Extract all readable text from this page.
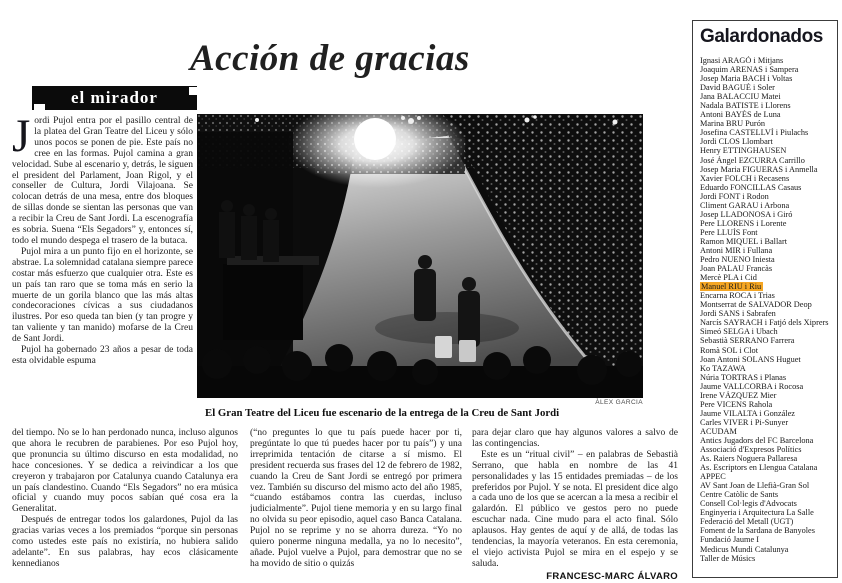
Acción de gracias
el mirador

Jordi Pujol entra por el pasillo central de la platea del Gran Teatre del Liceu y sólo unos pocos se ponen de pie. Este país no cree en las formas. Pujol camina a gran velocidad. Sube al escenario y, detrás, le siguen el president del Parlament, Joan Rigol, y el conseller de Cultura, Jordi Vilajoana. Se colocan detrás de una mesa, entre dos bloques de sillas donde se sientan las personas que van a recibir la Creu de Sant Jordi. La escenografía es sobria. Suena “Els Segadors” y, entonces sí, todo el mundo despega el trasero de la butaca.

Pujol mira a un punto fijo en el horizonte, se abstrae. La solemnidad catalana siempre parece costar más esfuerzo que cualquier otra. Este es un país tan raro que se toma más en serio la muerte de un gorila blanco que las más altas condecoraciones cívicas a sus ciudadanos ilustres. Por eso queda tan bien (y tan progre y tan valiente y tan manido) mofarse de la Creu de Sant Jordi.

Pujol ha gobernado 23 años a pesar de toda esta olvidable espuma

ÀLEX GARCIA
El Gran Teatre del Liceu fue escenario de la entrega de la Creu de Sant Jordi

del tiempo. No se lo han perdonado nunca, incluso algunos que ahora le recubren de parabienes. Por eso Pujol hoy, que pronuncia su último discurso en esta modalidad, no hace concesiones. Y se dedica a reivindicar a los que creyeron y trabajaron por Catalunya cuando Catalunya era un país clandestino. Cuando “Els Segadors” no era música oficial y cuando muy pocos sabían qué cosa era la Generalitat.

Después de entregar todos los galardones, Pujol da las gracias varias veces a los premiados “porque sin personas como ustedes este país no existiría, no hubiera salido adelante”. En sus palabras, hay ecos clásicamente kennedianos

(“no preguntes lo que tu país puede hacer por ti, pregúntate lo que tú puedes hacer por tu país”) y una irreprimida tentación de citarse a sí mismo. El president recuerda sus frases del 12 de febrero de 1982, cuando la Creu de Sant Jordi se entregó por primera vez. También su discurso del mismo acto del año 1985, “cuando estábamos contra las cuerdas, incluso judicialmente”. Pujol tiene memoria y en su largo final no olvida su peor episodio, aquel caso Banca Catalana. Pujol no se reprime y no se ahorra dureza. “Yo no quiero ponerme ninguna medalla, ya no lo necesito”, añade. Pujol vuelve a Pujol, para demostrar que no se ha movido de sitio o quizás

para dejar claro que hay algunos valores a salvo de las contingencias.

Este es un “ritual civil” – en palabras de Sebastià Serrano, que habla en nombre de las 41 personalidades y las 15 entidades premiadas – de los preferidos por Pujol. Y se nota. El president dice algo a cada uno de los que se acercan a la mesa a recibir el galardón. El público ve gestos pero no puede escuchar nada. Cine mudo para el acto final. Sólo aplausos. Hay gentes de aquí y de allá, de todas las tendencias, la mayoría veteranos. En esta ceremonia, el viejo activista Pujol se mira en el espejo y se saluda.

FRANCESC-MARC ÁLVARO
Galardonados
Ignasi ARAGÓ i Mitjans
Joaquim ARENAS i Sampera
Josep Maria BACH i Voltas
David BAGUÉ i Soler
Jana BALACCIU Matei
Nadala BATISTE i Llorens
Antoni BAYÉS de Luna
Marina BRU Purón
Josefina CASTELLVÍ i Piulachs
Jordi CLOS Llombart
Henry ETTINGHAUSEN
José Ángel EZCURRA Carrillo
Josep Maria FIGUERAS i Anmella
Xavier FOLCH i Recasens
Eduardo FONCILLAS Casaus
Jordi FONT i Rodon
Climent GARAU i Arbona
Josep LLADONOSA i Giró
Pere LLORENS i Lorente
Pere LLUÍS Font
Ramon MIQUEL i Ballart
Antoni MIR i Fullana
Pedro NUENO Iniesta
Joan PALAU Francàs
Mercè PLA i Cid
Manuel RIU i Riu
Encarna ROCA i Trias
Montserrat de SALVADOR Deop
Jordi SANS i Sabrafen
Narcís SAYRACH i Fatjó dels Xiprers
Simeó SELGA i Ubach
Sebastià SERRANO Farrera
Romà SOL i Clot
Joan Antoni SOLANS Huguet
Ko TAZAWA
Núria TORTRAS i Planas
Jaume VALLCORBA i Rocosa
Irene VÁZQUEZ Mier
Pere VICENS Rahola
Jaume VILALTA i González
Carles VIVER i Pi-Sunyer
ACUDAM
Antics Jugadors del FC Barcelona
Associació d'Expresos Polítics
As. Raiers Noguera Pallaresa
As. Escriptors en Llengua Catalana
APPEC
AV Sant Joan de Llefià-Gran Sol
Centre Catòlic de Sants
Consell Col·legis d'Advocats
Enginyeria i Arquitectura La Salle
Federació del Metall (UGT)
Foment de la Sardana de Banyoles
Fundació Jaume I
Medicus Mundi Catalunya
Taller de Músics
